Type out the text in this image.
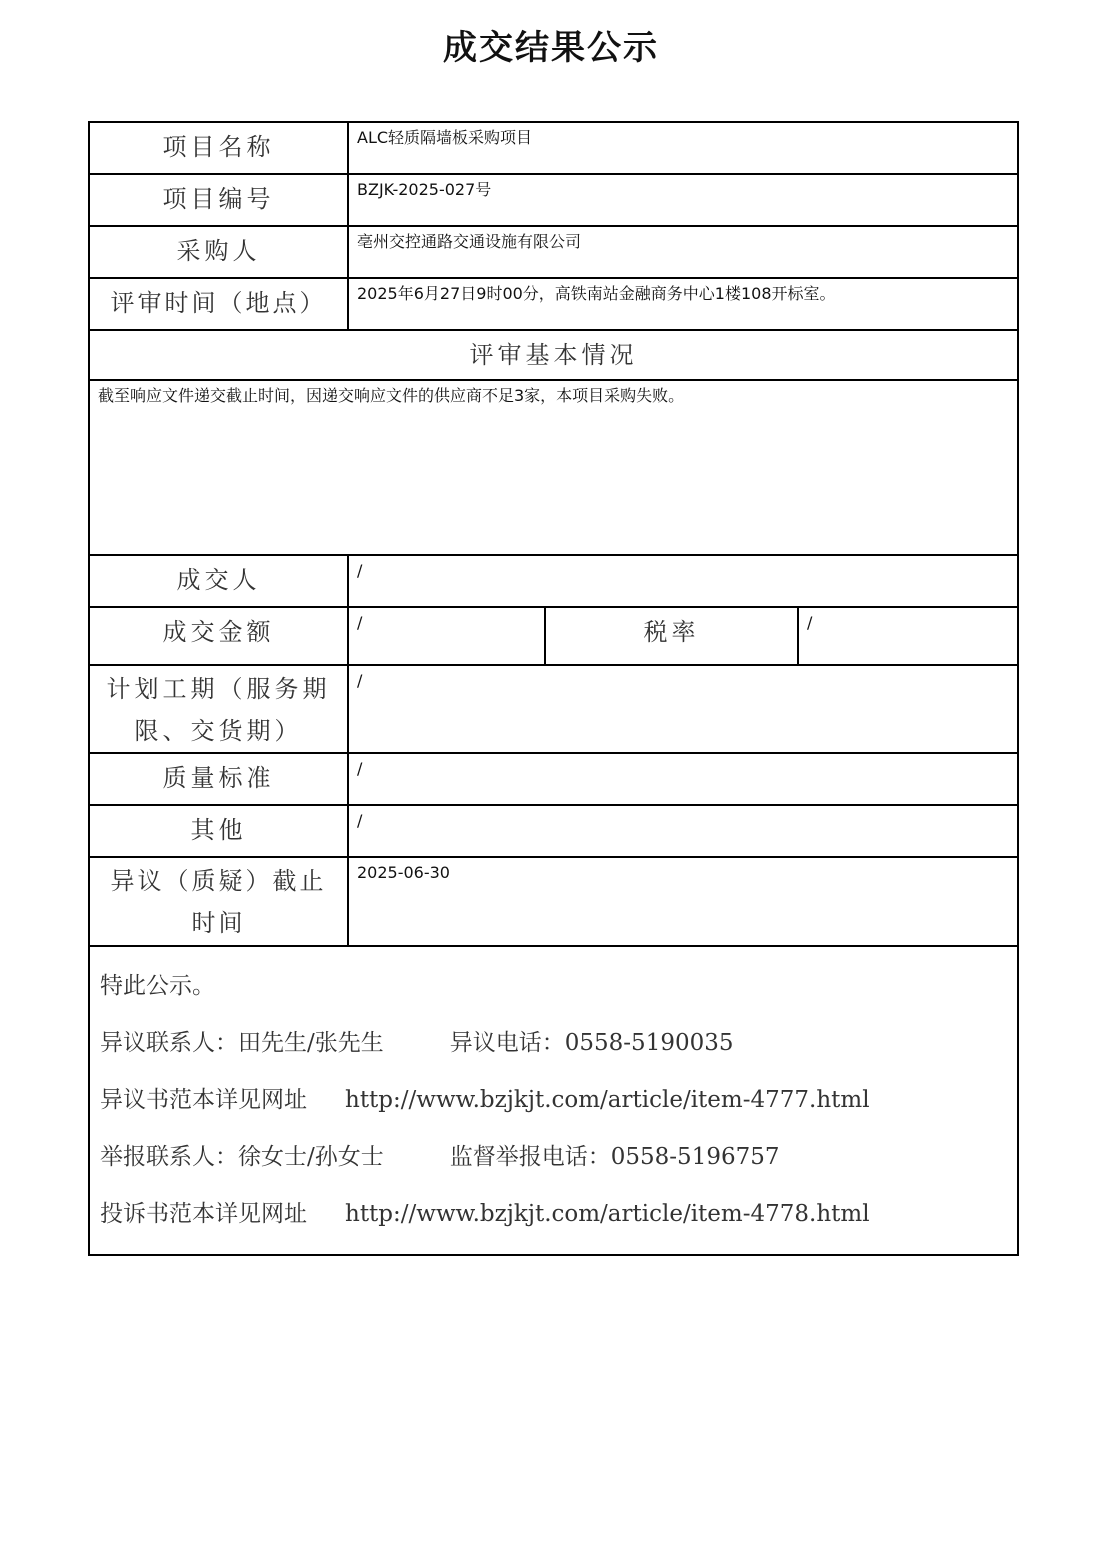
成交结果公示
项目名称	ALC轻质隔墙板采购项目		
项目编号	BZJK-2025-027号		
采购人	亳州交控通路交通设施有限公司		
评审时间（地点）	2025年6月27日9时00分，高铁南站金融商务中心1楼108开标室。		
评审基本情况			
截至响应文件递交截止时间，因递交响应文件的供应商不足3家，本项目采购失败。			
成交人	/		
成交金额	/	税率	/
计划工期（服务期限、交货期）	/		
质量标准	/		
其他	/		
异议（质疑）截止时间	2025-06-30		

特此公示。
异议联系人：田先生/张先生 异议电话：0558-5190035
异议书范本详见网址 http://www.bzjkjt.com/article/item-4777.html
举报联系人：徐女士/孙女士 监督举报电话：0558-5196757
投诉书范本详见网址 http://www.bzjkjt.com/article/item-4778.html			
